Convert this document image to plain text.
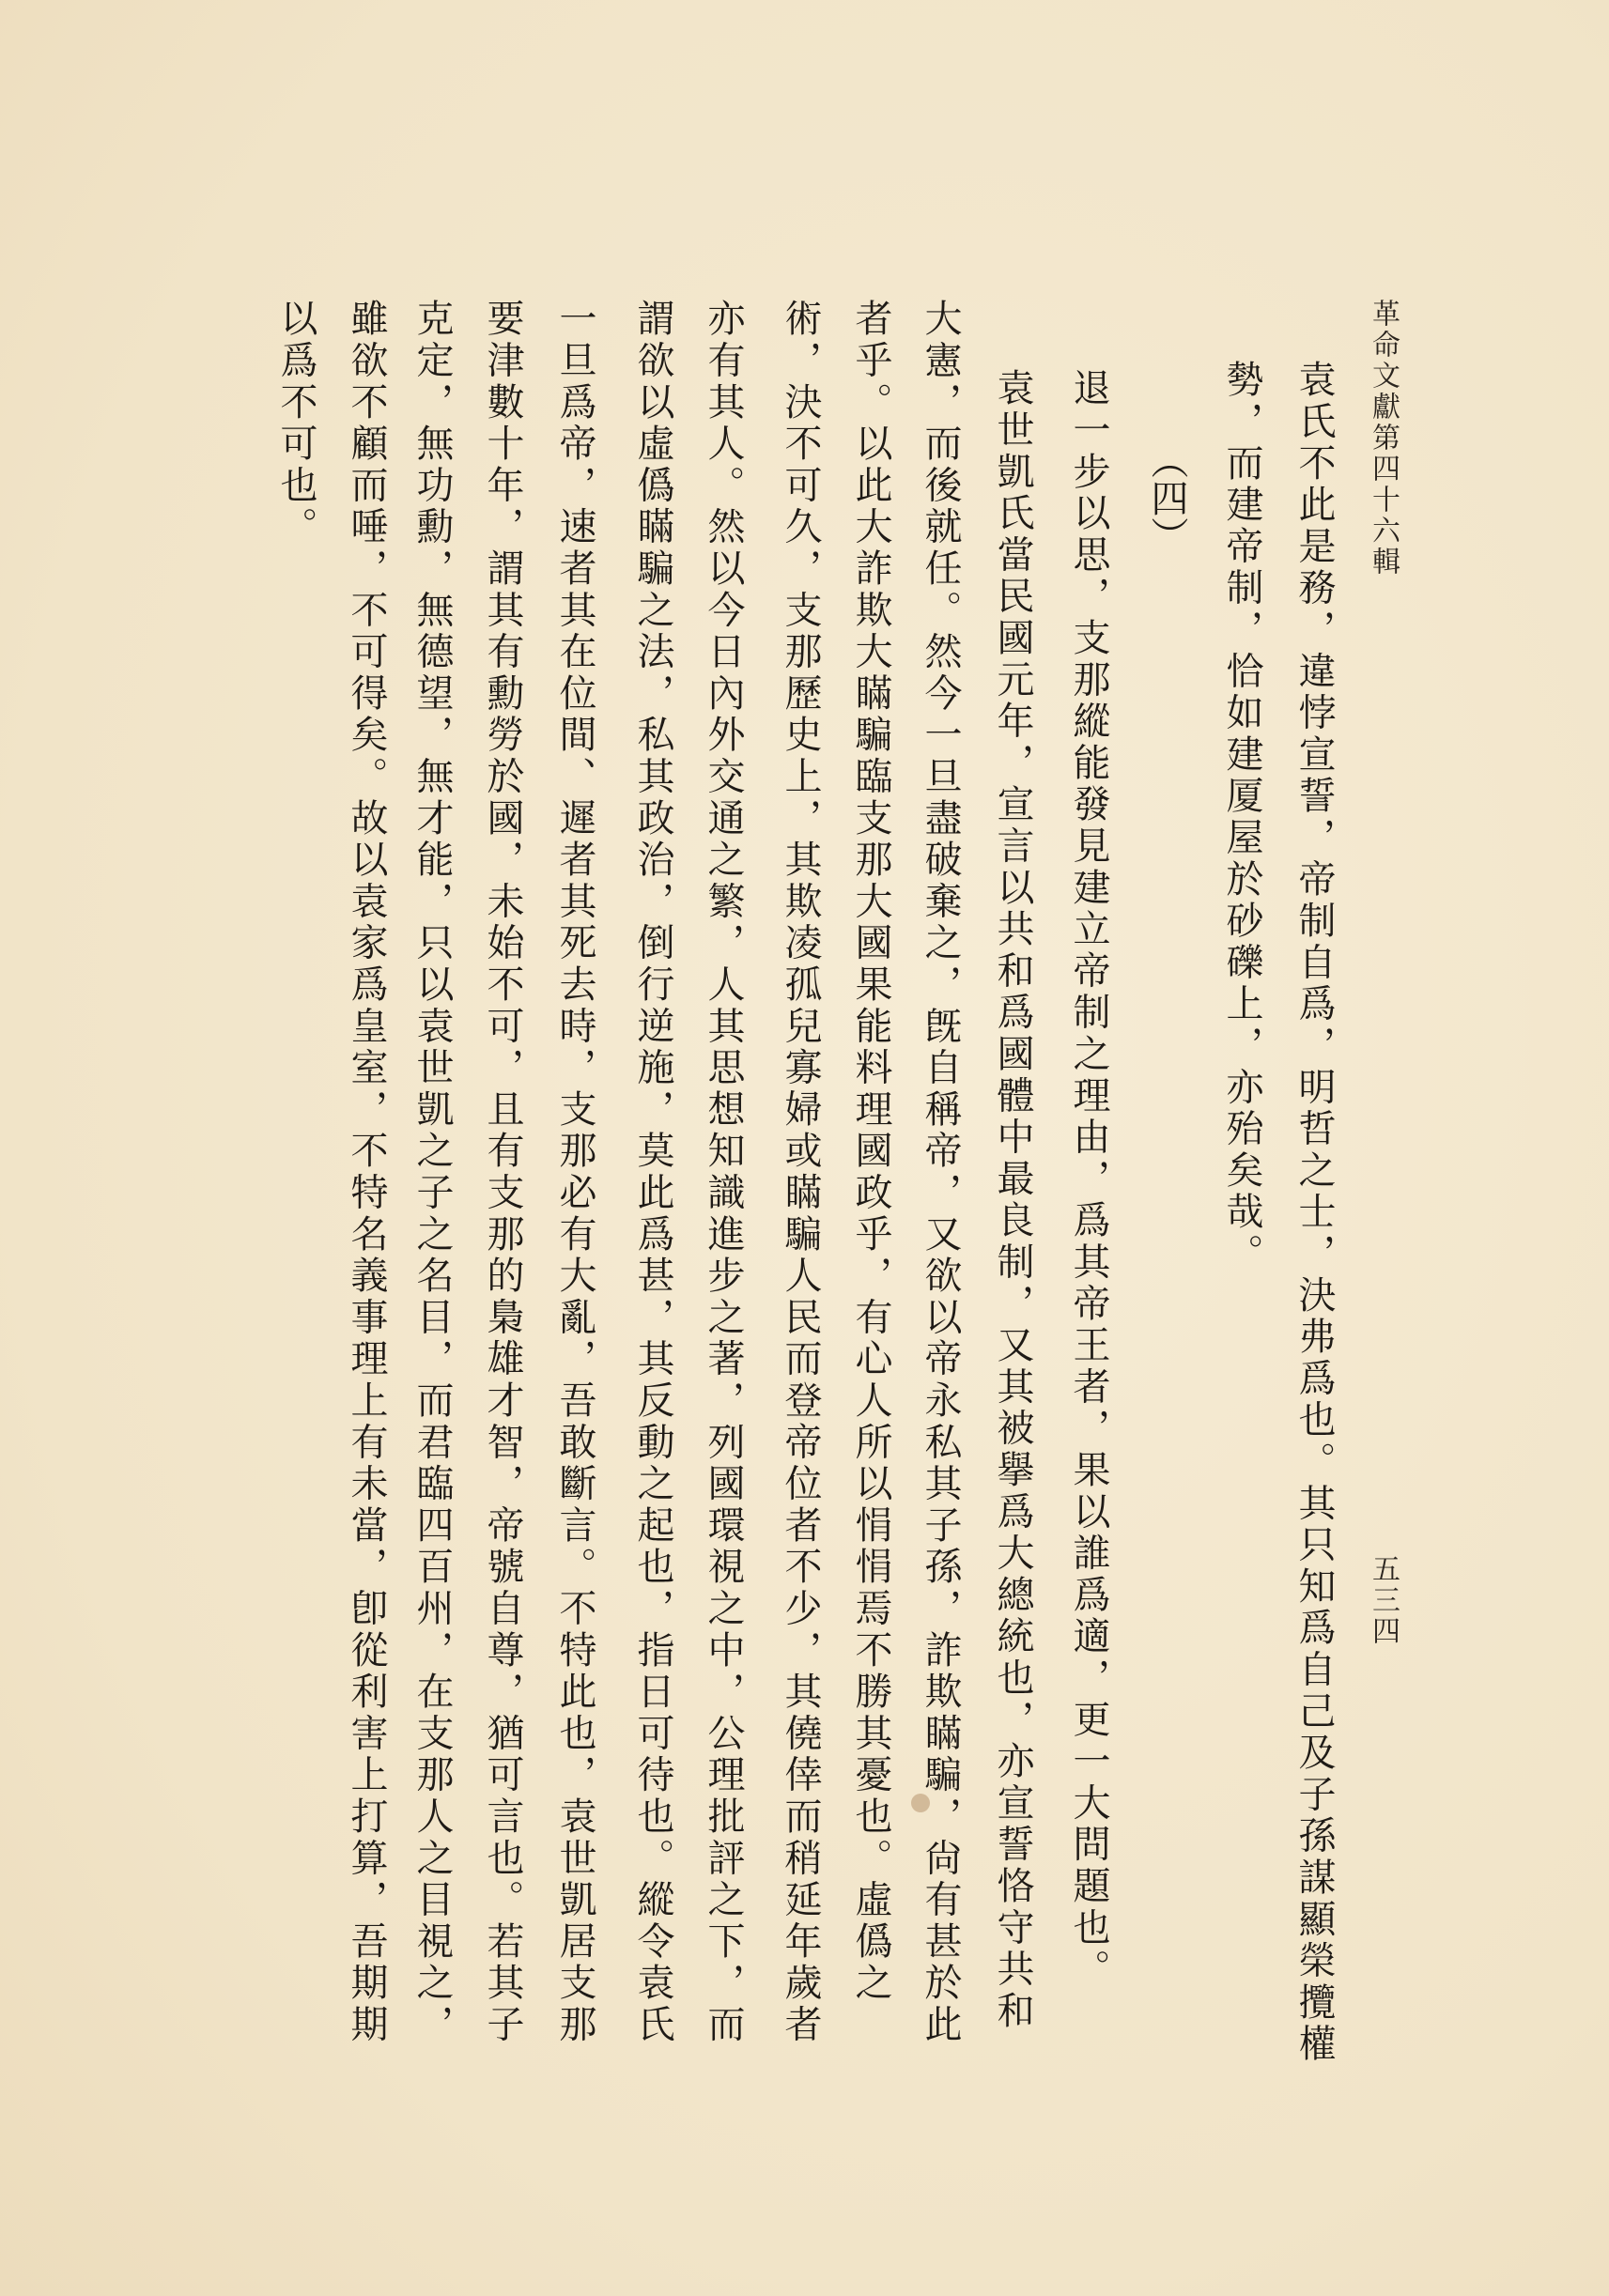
革命文獻第四十六輯
五三四
袁氏不此是務，違悖宣誓，帝制自爲，明哲之士，決弗爲也。其只知爲自己及子孫謀顯榮攬權
勢，而建帝制，恰如建厦屋於砂礫上，亦殆矣哉。
（四）
退一步以思，支那縱能發見建立帝制之理由，爲其帝王者，果以誰爲適，更一大問題也。
袁世凱氏當民國元年，宣言以共和爲國體中最良制，又其被擧爲大總統也，亦宣誓恪守共和
大憲，而後就任。然今一旦盡破棄之，旣自稱帝，又欲以帝永私其子孫，詐欺瞞騙，尙有甚於此
者乎。以此大詐欺大瞞騙臨支那大國果能料理國政乎，有心人所以悁悁焉不勝其憂也。虛僞之
術，決不可久，支那歷史上，其欺凌孤兒寡婦或瞞騙人民而登帝位者不少，其僥倖而稍延年歲者
亦有其人。然以今日內外交通之繁，人其思想知識進步之著，列國環視之中，公理批評之下，而
謂欲以虛僞瞞騙之法，私其政治，倒行逆施，莫此爲甚，其反動之起也，指日可待也。縱令袁氏
一旦爲帝，速者其在位間、遲者其死去時，支那必有大亂，吾敢斷言。不特此也，袁世凱居支那
要津數十年，謂其有勳勞於國，未始不可，且有支那的梟雄才智，帝號自尊，猶可言也。若其子
克定，無功勳，無德望，無才能，只以袁世凱之子之名目，而君臨四百州，在支那人之目視之，
雖欲不顧而唾，不可得矣。故以袁家爲皇室，不特名義事理上有未當，卽從利害上打算，吾期期
以爲不可也。
